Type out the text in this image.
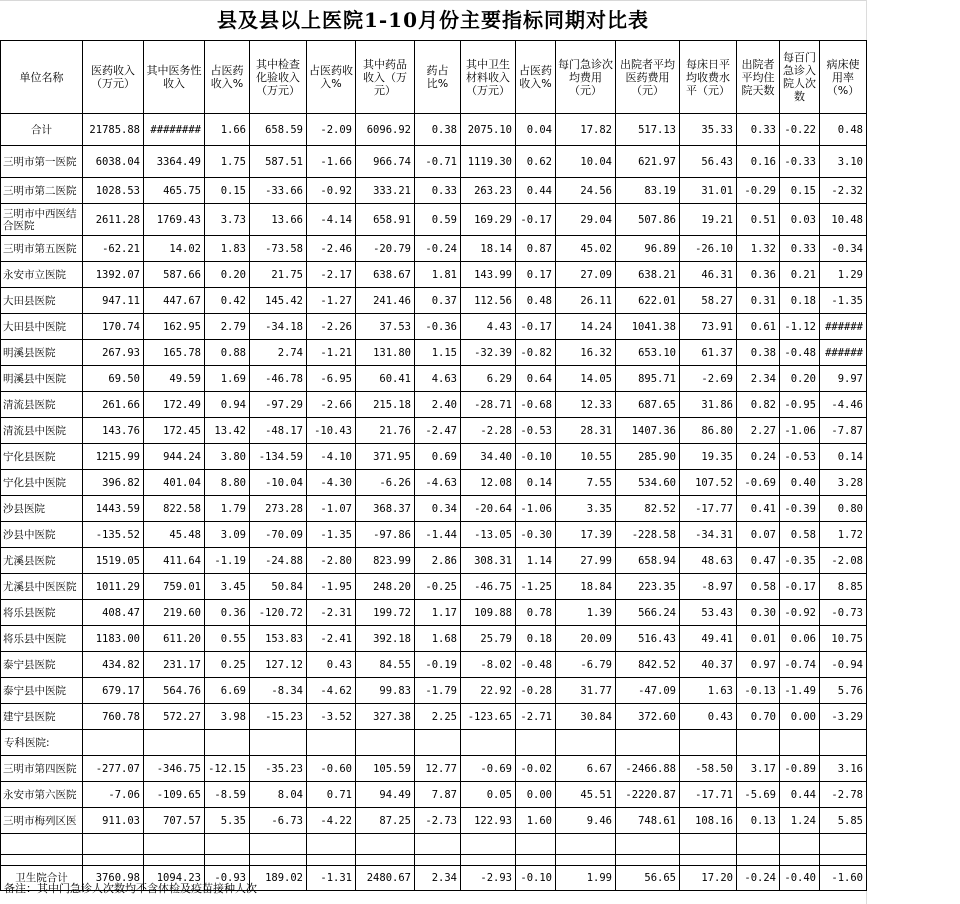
县及县以上医院1-10月份主要指标同期对比表
单位名称	医药收入（万元）	其中医务性收入	占医药收入%	其中检查化验收入（万元）	占医药收入%	其中药品收入（万元）	药占比%	其中卫生材料收入（万元）	占医药收入%	每门急诊次均费用（元）	出院者平均医药费用（元）	每床日平均收费水平（元）	出院者平均住院天数	每百门急诊入院人次数	病床使用率（%）
合计	21785.88	########	1.66	658.59	-2.09	6096.92	0.38	2075.10	0.04	17.82	517.13	35.33	0.33	-0.22	0.48
三明市第一医院	6038.04	3364.49	1.75	587.51	-1.66	966.74	-0.71	1119.30	0.62	10.04	621.97	56.43	0.16	-0.33	3.10
三明市第二医院	1028.53	465.75	0.15	-33.66	-0.92	333.21	0.33	263.23	0.44	24.56	83.19	31.01	-0.29	0.15	-2.32
三明市中西医结合医院	2611.28	1769.43	3.73	13.66	-4.14	658.91	0.59	169.29	-0.17	29.04	507.86	19.21	0.51	0.03	10.48
三明市第五医院	-62.21	14.02	1.83	-73.58	-2.46	-20.79	-0.24	18.14	0.87	45.02	96.89	-26.10	1.32	0.33	-0.34
永安市立医院	1392.07	587.66	0.20	21.75	-2.17	638.67	1.81	143.99	0.17	27.09	638.21	46.31	0.36	0.21	1.29
大田县医院	947.11	447.67	0.42	145.42	-1.27	241.46	0.37	112.56	0.48	26.11	622.01	58.27	0.31	0.18	-1.35
大田县中医院	170.74	162.95	2.79	-34.18	-2.26	37.53	-0.36	4.43	-0.17	14.24	1041.38	73.91	0.61	-1.12	######
明溪县医院	267.93	165.78	0.88	2.74	-1.21	131.80	1.15	-32.39	-0.82	16.32	653.10	61.37	0.38	-0.48	######
明溪县中医院	69.50	49.59	1.69	-46.78	-6.95	60.41	4.63	6.29	0.64	14.05	895.71	-2.69	2.34	0.20	9.97
清流县医院	261.66	172.49	0.94	-97.29	-2.66	215.18	2.40	-28.71	-0.68	12.33	687.65	31.86	0.82	-0.95	-4.46
清流县中医院	143.76	172.45	13.42	-48.17	-10.43	21.76	-2.47	-2.28	-0.53	28.31	1407.36	86.80	2.27	-1.06	-7.87
宁化县医院	1215.99	944.24	3.80	-134.59	-4.10	371.95	0.69	34.40	-0.10	10.55	285.90	19.35	0.24	-0.53	0.14
宁化县中医院	396.82	401.04	8.80	-10.04	-4.30	-6.26	-4.63	12.08	0.14	7.55	534.60	107.52	-0.69	0.40	3.28
沙县医院	1443.59	822.58	1.79	273.28	-1.07	368.37	0.34	-20.64	-1.06	3.35	82.52	-17.77	0.41	-0.39	0.80
沙县中医院	-135.52	45.48	3.09	-70.09	-1.35	-97.86	-1.44	-13.05	-0.30	17.39	-228.58	-34.31	0.07	0.58	1.72
尤溪县医院	1519.05	411.64	-1.19	-24.88	-2.80	823.99	2.86	308.31	1.14	27.99	658.94	48.63	0.47	-0.35	-2.08
尤溪县中医医院	1011.29	759.01	3.45	50.84	-1.95	248.20	-0.25	-46.75	-1.25	18.84	223.35	-8.97	0.58	-0.17	8.85
将乐县医院	408.47	219.60	0.36	-120.72	-2.31	199.72	1.17	109.88	0.78	1.39	566.24	53.43	0.30	-0.92	-0.73
将乐县中医院	1183.00	611.20	0.55	153.83	-2.41	392.18	1.68	25.79	0.18	20.09	516.43	49.41	0.01	0.06	10.75
泰宁县医院	434.82	231.17	0.25	127.12	0.43	84.55	-0.19	-8.02	-0.48	-6.79	842.52	40.37	0.97	-0.74	-0.94
泰宁县中医院	679.17	564.76	6.69	-8.34	-4.62	99.83	-1.79	22.92	-0.28	31.77	-47.09	1.63	-0.13	-1.49	5.76
建宁县医院	760.78	572.27	3.98	-15.23	-3.52	327.38	2.25	-123.65	-2.71	30.84	372.60	0.43	0.70	0.00	-3.29
专科医院:															
三明市第四医院	-277.07	-346.75	-12.15	-35.23	-0.60	105.59	12.77	-0.69	-0.02	6.67	-2466.88	-58.50	3.17	-0.89	3.16
永安市第六医院	-7.06	-109.65	-8.59	8.04	0.71	94.49	7.87	0.05	0.00	45.51	-2220.87	-17.71	-5.69	0.44	-2.78
三明市梅列区医	911.03	707.57	5.35	-6.73	-4.22	87.25	-2.73	122.93	1.60	9.46	748.61	108.16	0.13	1.24	5.85

卫生院合计	3760.98	1094.23	-0.93	189.02	-1.31	2480.67	2.34	-2.93	-0.10	1.99	56.65	17.20	-0.24	-0.40	-1.60
备注：其中门急诊人次数均不含体检及疫苗接种人次
